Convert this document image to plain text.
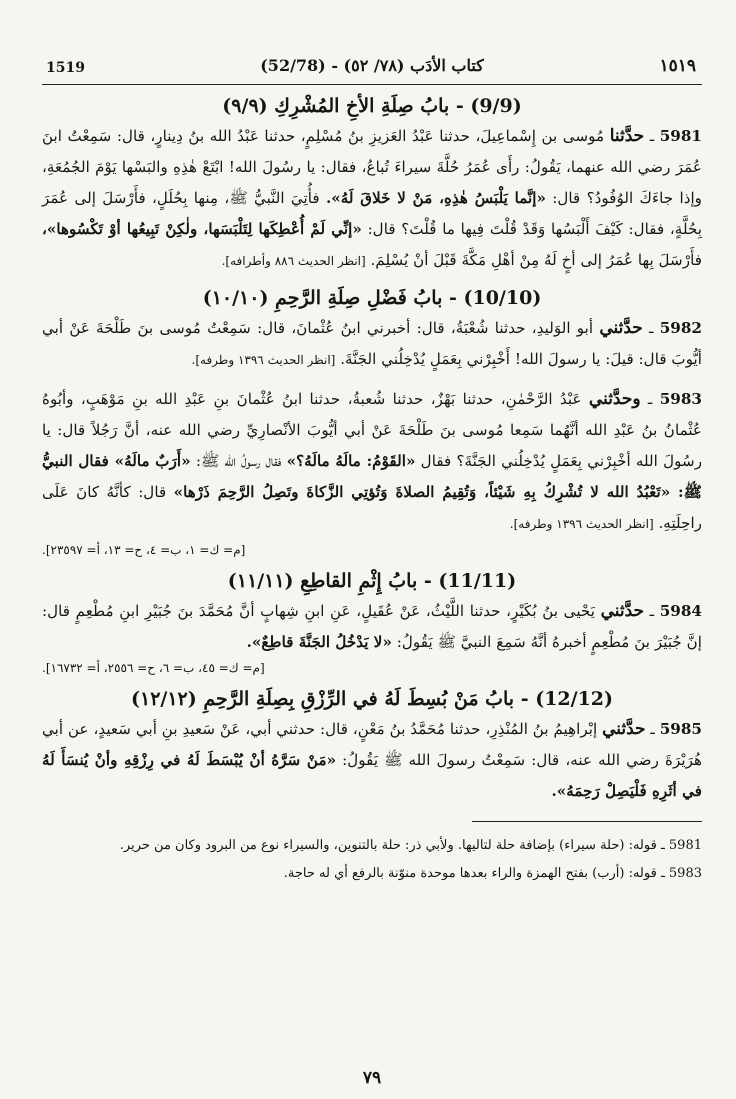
1519	(52/78) - كتاب الأدَب (٧٨/ ٥٢)	١٥١٩
(9/9) - بابُ صِلَةِ الأخِ المُشْرِكِ (٩/٩)

5981 ـ حدَّثنا مُوسى بن إِسْماعِيلَ، حدثنا عَبْدُ العَزيزِ بنُ مُسْلِمٍ، حدثنا عَبْدُ الله بنُ دِينارٍ، قال: سَمِعْتُ ابنَ عُمَرَ رضي الله عنهما، يَقُولُ: رأَى عُمَرُ حُلَّةَ سيراءَ تُباعُ، فقال: يا رسُولَ الله! ابْتَعْ هٰذِهِ والبَسْها يَوْمَ الجُمُعَةِ، وإذا جاءَكَ الوُفُودُ؟ قال: «إنَّما يَلْبَسُ هٰذِهِ، مَنْ لا خَلاقَ لَهُ». فأُتِيَ النَّبيُّ ﷺ، مِنها بِحُلَلٍ، فأَرْسَلَ إلى عُمَرَ بِحُلَّةٍ، فقال: كَيْفَ أَلْبَسُها وَقَدْ قُلْتَ فِيها ما قُلْتَ؟ قال: «إنِّي لَمْ أُعْطِكَها لِتَلْبَسَها، ولٰكِنْ تَبِيعُها أوْ تَكْسُوها»، فأَرْسَلَ بِها عُمَرُ إلى أخٍ لَهُ مِنْ أهْلِ مَكَّةَ قَبْلَ أنْ يُسْلِمَ. [انظر الحديث ٨٨٦ وأطرافه].

(10/10) - بابُ فَضْلِ صِلَةِ الرَّحِمِ (١٠/١٠)

5982 ـ حدَّثني أبو الوَليدِ، حدثنا شُعْبَةُ، قال: أخبرني ابنُ عُثْمانَ، قال: سَمِعْتُ مُوسى بنَ طَلْحَةَ عَنْ أبي أيُّوبَ قال: قيلَ: يا رسولَ الله! أَخْبِرْني بِعَمَلٍ يُدْخِلُني الجَنَّةَ. [انظر الحديث ١٣٩٦ وطرفه].

5983 ـ وحدَّثني عَبْدُ الرَّحْمٰنِ، حدثنا بَهْزٌ، حدثنا شُعبةُ، حدثنا ابنُ عُثْمانَ بنِ عَبْدِ الله بنِ مَوْهَبٍ، وأبُوهُ عُثْمانُ بنُ عَبْدِ الله أنَّهُما سَمِعا مُوسى بنَ طَلْحَةَ عَنْ أبي أيُّوبَ الأنْصارِيِّ رضي الله عنه، أنَّ رَجُلاً قال: يا رسُولَ الله أخْبِرْني بِعَمَلٍ يُدْخِلُني الجَنَّةَ؟ فقال «القَوْمُ: مالَهُ مالَهُ؟» فقال رسولُ الله ﷺ: «أَرَبٌ مالَهُ» فقال النبيُّ ﷺ: «تَعْبُدُ الله لا تُشْرِكُ بِهِ شَيْئاً، وَتُقِيمُ الصلاةَ وَتُؤتِي الزَّكاةَ وتَصِلُ الرَّحِمَ ذَرْها» قال: كأنَّهُ كانَ عَلَى راحِلَتِهِ. [انظر الحديث ١٣٩٦ وطرفه].

[م= ك= ١، ب= ٤، ح= ١٣، أ= ٢٣٥٩٧].
(11/11) - بابُ إِثْمِ القاطِعِ (١١/١١)

5984 ـ حدَّثني يَحْيى بنُ بُكَيْرٍ، حدثنا اللَّيْثُ، عَنْ عُقَيلٍ، عَنِ ابنِ شِهابٍ أنَّ مُحَمَّدَ بنَ جُبَيْرِ ابنِ مُطْعِمٍ قال: إنَّ جُبَيْرَ بنَ مُطْعِمٍ أخبرهُ أنَّهُ سَمِعَ النبيَّ ﷺ يَقُولُ: «لا يَدْخُلُ الجَنَّةَ قاطِعٌ».

[م= ك= ٤٥، ب= ٦، ح= ٢٥٥٦، أ= ١٦٧٣٢].
(12/12) - بابُ مَنْ بُسِطَ لَهُ في الرِّزْقِ بِصِلَةِ الرَّحِمِ (١٢/١٢)

5985 ـ حدَّثني إبْراهِيمُ بنُ المُنْذِرِ، حدثنا مُحَمَّدُ بنُ مَعْنٍ، قال: حدثني أبي، عَنْ سَعيدِ بنِ أبي سَعيدٍ، عن أبي هُرَيْرَةَ رضي الله عنه، قال: سَمِعْتُ رسولَ الله ﷺ يَقُولُ: «مَنْ سَرَّهُ أنْ يُبْسَطَ لَهُ في رِزْقِهِ وأنْ يُنسَأَ لَهُ في أثَرِهِ فَلْيَصِلْ رَحِمَهُ».

5981 ـ قوله: (حلة سيراء) بإضافة حلة لتاليها. ولأبي ذر: حلة بالتنوين، والسيراء نوع من البرود وكان من حرير.

5983 ـ قوله: (أرب) بفتح الهمزة والراء بعدها موحدة منوّنة بالرفع أي له حاجة.

٧٩
